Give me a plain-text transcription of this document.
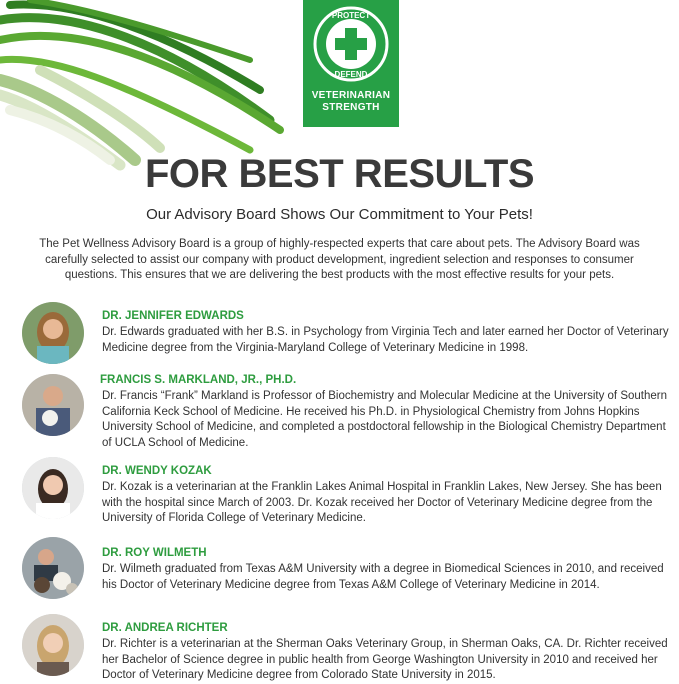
PROTECT
DEFEND
VETERINARIAN
STRENGTH
FOR BEST RESULTS
Our Advisory Board Shows Our Commitment to Your Pets!
The Pet Wellness Advisory Board is a group of highly-respected experts that care about pets. The Advisory Board was carefully selected to assist our company with product development, ingredient selection and responses to consumer questions. This ensures that we are delivering the best products with the most effective results for your pets.
DR. JENNIFER EDWARDS
Dr. Edwards graduated with her B.S. in Psychology from Virginia Tech and later earned her Doctor of Veterinary Medicine degree from the Virginia-Maryland College of Veterinary Medicine in 1998.
FRANCIS S. MARKLAND, JR., PH.D.
Dr. Francis “Frank” Markland is Professor of Biochemistry and Molecular Medicine at the University of Southern California Keck School of Medicine. He received his Ph.D. in Physiological Chemistry from Johns Hopkins University School of Medicine, and completed a postdoctoral fellowship in the Biological Chemistry Department of UCLA School of Medicine.
DR. WENDY KOZAK
Dr. Kozak is a veterinarian at the Franklin Lakes Animal Hospital in Franklin Lakes, New Jersey. She has been with the hospital since March of 2003. Dr. Kozak received her Doctor of Veterinary Medicine degree from the University of Florida College of Veterinary Medicine.
DR. ROY WILMETH
Dr. Wilmeth graduated from Texas A&M University with a degree in Biomedical Sciences in 2010, and received his Doctor of Veterinary Medicine degree from Texas A&M College of Veterinary Medicine in 2014.
DR. ANDREA RICHTER
Dr. Richter is a veterinarian at the Sherman Oaks Veterinary Group, in Sherman Oaks, CA. Dr. Richter received her Bachelor of Science degree in public health from George Washington University in 2010 and received her Doctor of Veterinary Medicine degree from Colorado State University in 2015.
